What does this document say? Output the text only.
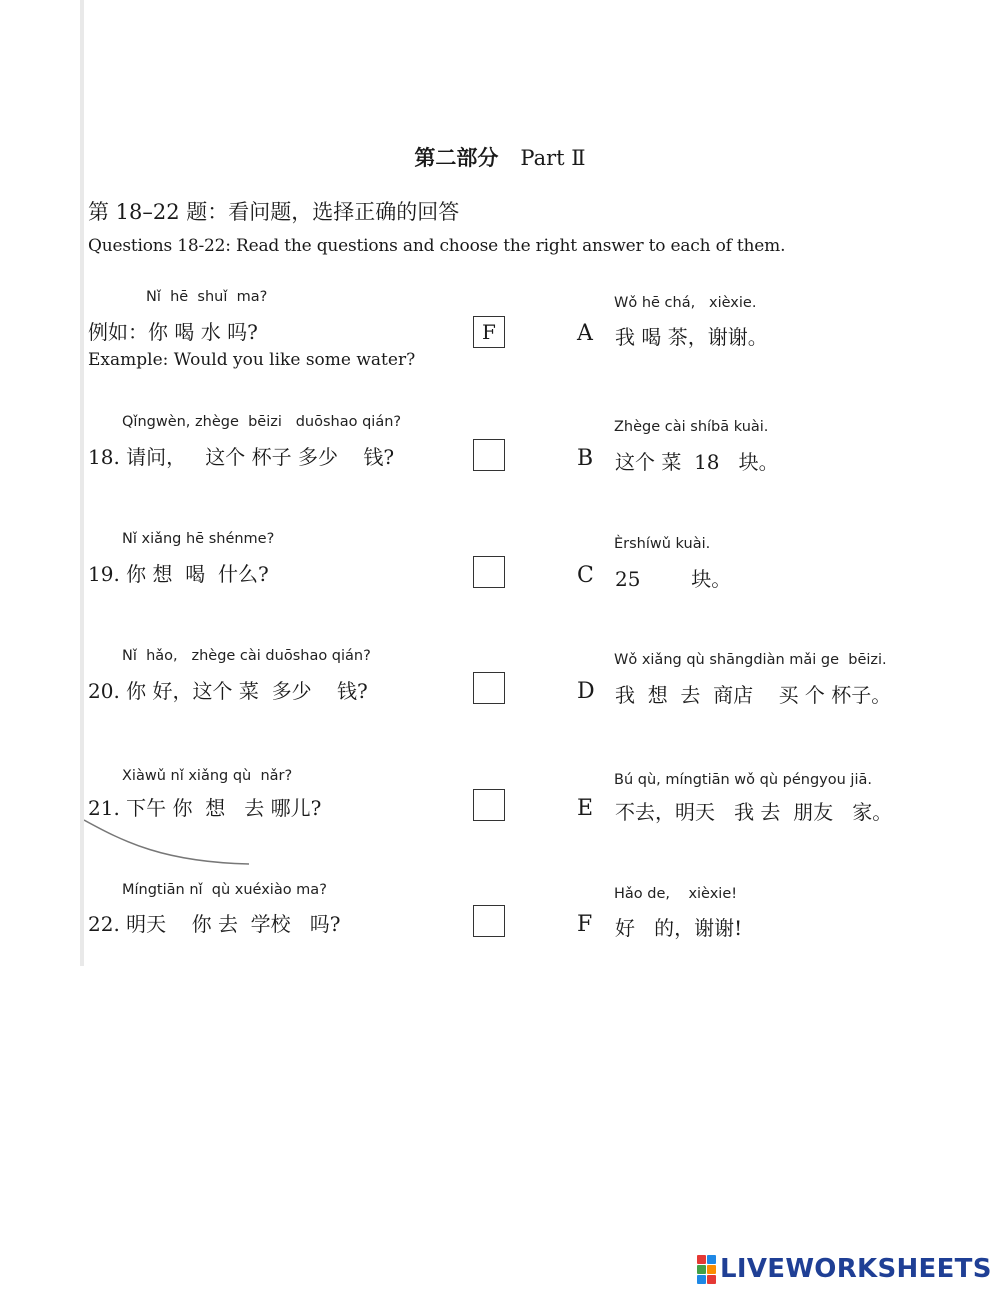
第二部分 Part Ⅱ
第 18–22 题：看问题，选择正确的回答
Questions 18-22: Read the questions and choose the right answer to each of them.
Nǐ  hē  shuǐ  ma?
例如：你 喝 水 吗?
Example: Would you like some water?
F
Qǐngwèn, zhège  bēizi   duōshao qián?
18. 请问，   这个 杯子 多少    钱?
Nǐ xiǎng hē shénme?
19. 你 想  喝  什么?
Nǐ  hǎo,   zhège cài duōshao qián?
20. 你 好，这个 菜  多少    钱?
Xiàwǔ nǐ xiǎng qù  nǎr?
21. 下午 你  想   去 哪儿?
Míngtiān nǐ  qù xuéxiào ma?
22. 明天    你 去  学校   吗?
Wǒ hē chá,   xièxie.
A 我 喝 茶，谢谢。
Zhège cài shíbā kuài.
B 这个 菜  18   块。
Èrshíwǔ kuài.
C 25        块。
Wǒ xiǎng qù shāngdiàn mǎi ge  bēizi.
D 我  想  去  商店    买 个 杯子。
Bú qù, míngtiān wǒ qù péngyou jiā.
E 不去，明天   我 去  朋友   家。
Hǎo de,    xièxie!
F 好   的，谢谢!
LIVEWORKSHEETS
